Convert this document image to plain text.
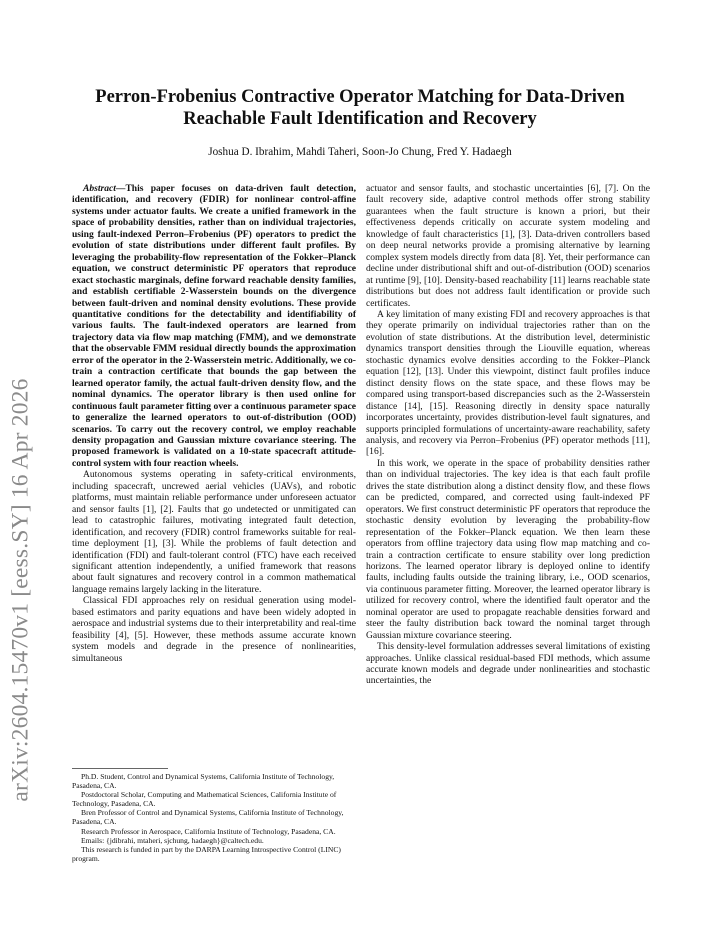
arXiv:2604.15470v1 [eess.SY] 16 Apr 2026
Perron-Frobenius Contractive Operator Matching for Data-Driven
Reachable Fault Identification and Recovery
Joshua D. Ibrahim, Mahdi Taheri, Soon-Jo Chung, Fred Y. Hadaegh

Abstract—This paper focuses on data-driven fault detection, identification, and recovery (FDIR) for nonlinear control-affine systems under actuator faults. We create a unified framework in the space of probability densities, rather than on individual trajectories, using fault-indexed Perron–Frobenius (PF) operators to predict the evolution of state distributions under different fault profiles. By leveraging the probability-flow representation of the Fokker–Planck equation, we construct deterministic PF operators that reproduce exact stochastic marginals, define forward reachable density families, and establish certifiable 2-Wasserstein bounds on the divergence between fault-driven and nominal density evolutions. These provide quantitative conditions for the detectability and identifiability of various faults. The fault-indexed operators are learned from trajectory data via flow map matching (FMM), and we demonstrate that the observable FMM residual directly bounds the approximation error of the operator in the 2-Wasserstein metric. Additionally, we co-train a contraction certificate that bounds the gap between the learned operator family, the actual fault-driven density flow, and the nominal dynamics. The operator library is then used online for continuous fault parameter fitting over a continuous parameter space to generalize the learned operators to out-of-distribution (OOD) scenarios. To carry out the recovery control, we employ reachable density propagation and Gaussian mixture covariance steering. The proposed framework is validated on a 10-state spacecraft attitude-control system with four reaction wheels.

Autonomous systems operating in safety-critical environments, including spacecraft, uncrewed aerial vehicles (UAVs), and robotic platforms, must maintain reliable performance under unforeseen actuator and sensor faults [1], [2]. Faults that go undetected or unmitigated can lead to catastrophic failures, motivating integrated fault detection, identification, and recovery (FDIR) control frameworks suitable for real-time deployment [1], [3]. While the problems of fault detection and identification (FDI) and fault-tolerant control (FTC) have each received significant attention independently, a unified framework that reasons about fault signatures and recovery control in a common mathematical language remains largely lacking in the literature.

Classical FDI approaches rely on residual generation using model-based estimators and parity equations and have been widely adopted in aerospace and industrial systems due to their interpretability and real-time feasibility [4], [5]. However, these methods assume accurate known system models and degrade in the presence of nonlinearities, simultaneous

Ph.D. Student, Control and Dynamical Systems, California Institute of Technology, Pasadena, CA.

Postdoctoral Scholar, Computing and Mathematical Sciences, California Institute of Technology, Pasadena, CA.

Bren Professor of Control and Dynamical Systems, California Institute of Technology, Pasadena, CA.

Research Professor in Aerospace, California Institute of Technology, Pasadena, CA.

Emails: {jdibrahi, mtaheri, sjchung, hadaegh}@caltech.edu.

This research is funded in part by the DARPA Learning Introspective Control (LINC) program.

actuator and sensor faults, and stochastic uncertainties [6], [7]. On the fault recovery side, adaptive control methods offer strong stability guarantees when the fault structure is known a priori, but their effectiveness depends critically on accurate system modeling and knowledge of fault characteristics [1], [3]. Data-driven controllers based on deep neural networks provide a promising alternative by learning complex system models directly from data [8]. Yet, their performance can decline under distributional shift and out-of-distribution (OOD) scenarios at runtime [9], [10]. Density-based reachability [11] learns reachable state distributions but does not address fault identification or provide such certificates.

A key limitation of many existing FDI and recovery approaches is that they operate primarily on individual trajectories rather than on the evolution of state distributions. At the distribution level, deterministic dynamics transport densities through the Liouville equation, whereas stochastic dynamics evolve densities according to the Fokker–Planck equation [12], [13]. Under this viewpoint, distinct fault profiles induce distinct density flows on the state space, and these flows may be compared using transport-based discrepancies such as the 2-Wasserstein distance [14], [15]. Reasoning directly in density space naturally incorporates uncertainty, provides distribution-level fault signatures, and supports principled formulations of uncertainty-aware reachability, safety analysis, and recovery via Perron–Frobenius (PF) operator methods [11], [16].

In this work, we operate in the space of probability densities rather than on individual trajectories. The key idea is that each fault profile drives the state distribution along a distinct density flow, and these flows can be predicted, compared, and corrected using fault-indexed PF operators. We first construct deterministic PF operators that reproduce the stochastic density evolution by leveraging the probability-flow representation of the Fokker–Planck equation. We then learn these operators from offline trajectory data using flow map matching and co-train a contraction certificate to ensure stability over long prediction horizons. The learned operator library is deployed online to identify faults, including faults outside the training library, i.e., OOD scenarios, via continuous parameter fitting. Moreover, the learned operator library is utilized for recovery control, where the identified fault operator and the nominal operator are used to propagate reachable densities forward and steer the faulty distribution back toward the nominal target through Gaussian mixture covariance steering.

This density-level formulation addresses several limitations of existing approaches. Unlike classical residual-based FDI methods, which assume accurate known models and degrade under nonlinearities and stochastic uncertainties, the
